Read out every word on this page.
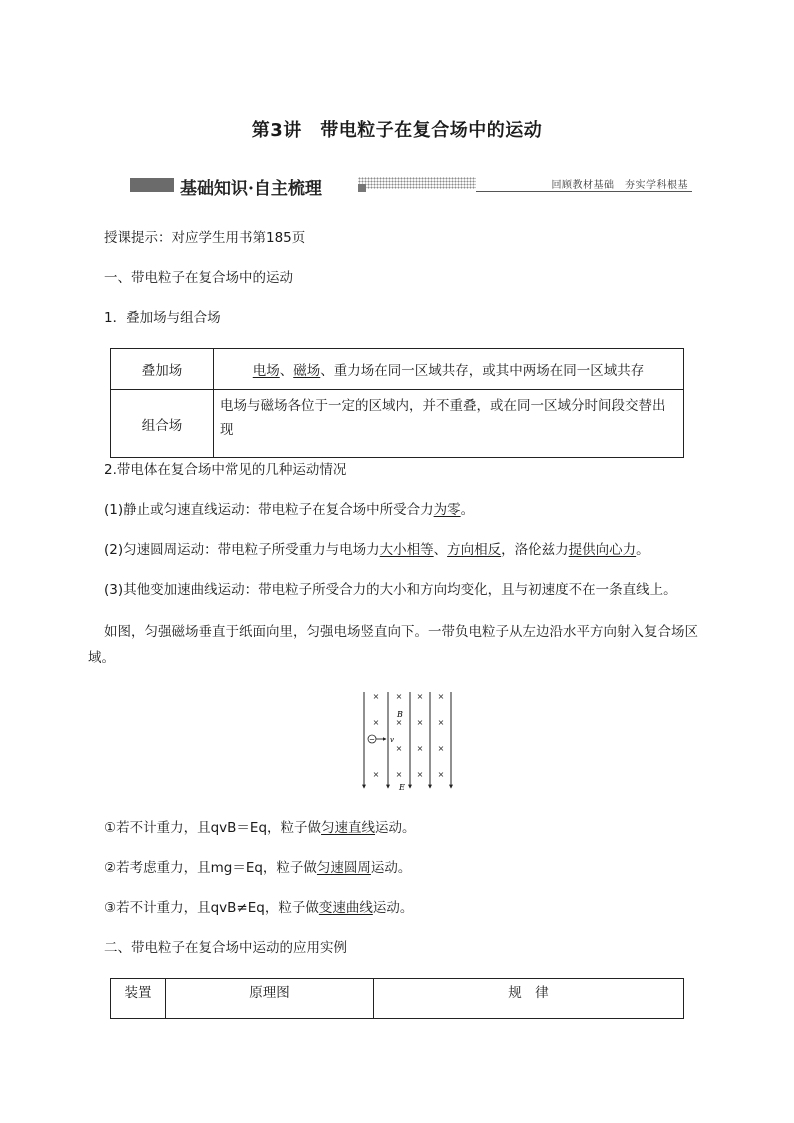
第3讲　带电粒子在复合场中的运动
基础知识·自主梳理	回顾教材基础　夯实学科根基
授课提示：对应学生用书第185页
一、带电粒子在复合场中的运动
1．叠加场与组合场
叠加场	电场、磁场、重力场在同一区域共存，或其中两场在同一区域共存
组合场	电场与磁场各位于一定的区域内，并不重叠，或在同一区域分时间段交替出
现
2.带电体在复合场中常见的几种运动情况
(1)静止或匀速直线运动：带电粒子在复合场中所受合力为零。
(2)匀速圆周运动：带电粒子所受重力与电场力大小相等、方向相反，洛伦兹力提供向心力。
(3)其他变加速曲线运动：带电粒子所受合力的大小和方向均变化，且与初速度不在一条直线上。
如图，匀强磁场垂直于纸面向里，匀强电场竖直向下。一带负电粒子从左边沿水平方向射入复合场区
域。
× × × ×
× × × ×
× × ×
× × × ×
− v
B
E
①若不计重力，且qvB＝Eq，粒子做匀速直线运动。
②若考虑重力，且mg＝Eq，粒子做匀速圆周运动。
③若不计重力，且qvB≠Eq，粒子做变速曲线运动。
二、带电粒子在复合场中运动的应用实例
装置	原理图	规　律
